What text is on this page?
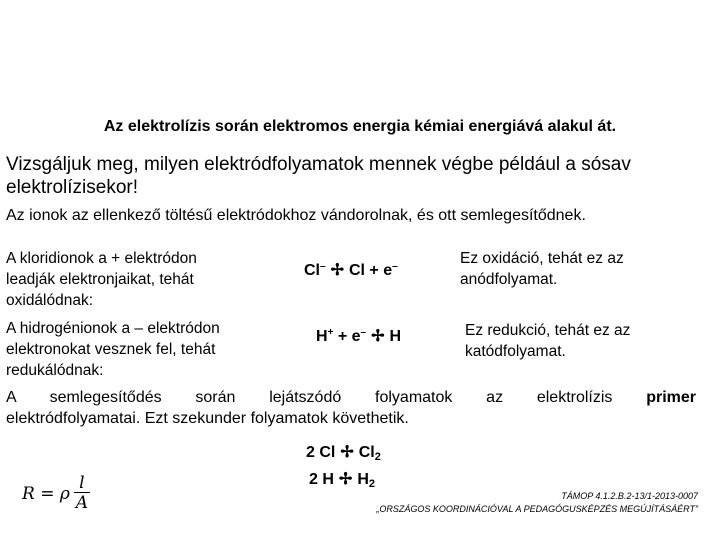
Az elektrolízis során elektromos energia kémiai energiává alakul át.
Vizsgáljuk meg, milyen elektródfolyamatok mennek végbe például a sósav elektrolízisekor!
Az ionok az ellenkező töltésű elektródokhoz vándorolnak, és ott semlegesítődnek.
A kloridionok a + elektródon leadják elektronjaikat, tehát oxidálódnak:
Cl– ✢ Cl + e–	Ez oxidáció, tehát ez az anódfolyamat.
A hidrogénionok a – elektródon elektronokat vesznek fel, tehát redukálódnak:
H+ + e– ✢ H	Ez redukció, tehát ez az katódfolyamat.
A semlegesítődés során lejátszódó folyamatok az elektrolízis primer
elektródfolyamatai. Ezt szekunder folyamatok követhetik.
2 Cl ✢ $Cl_2$
2 H ✢ $H_2$
R = ρ $\frac{l}{A}$	TÁMOP 4.1.2.B.2-13/1-2013-0007
„ORSZÁGOS KOORDINÁCIÓVAL A PEDAGÓGUSKÉPZÉS MEGÚJÍTÁSÁÉRT”
